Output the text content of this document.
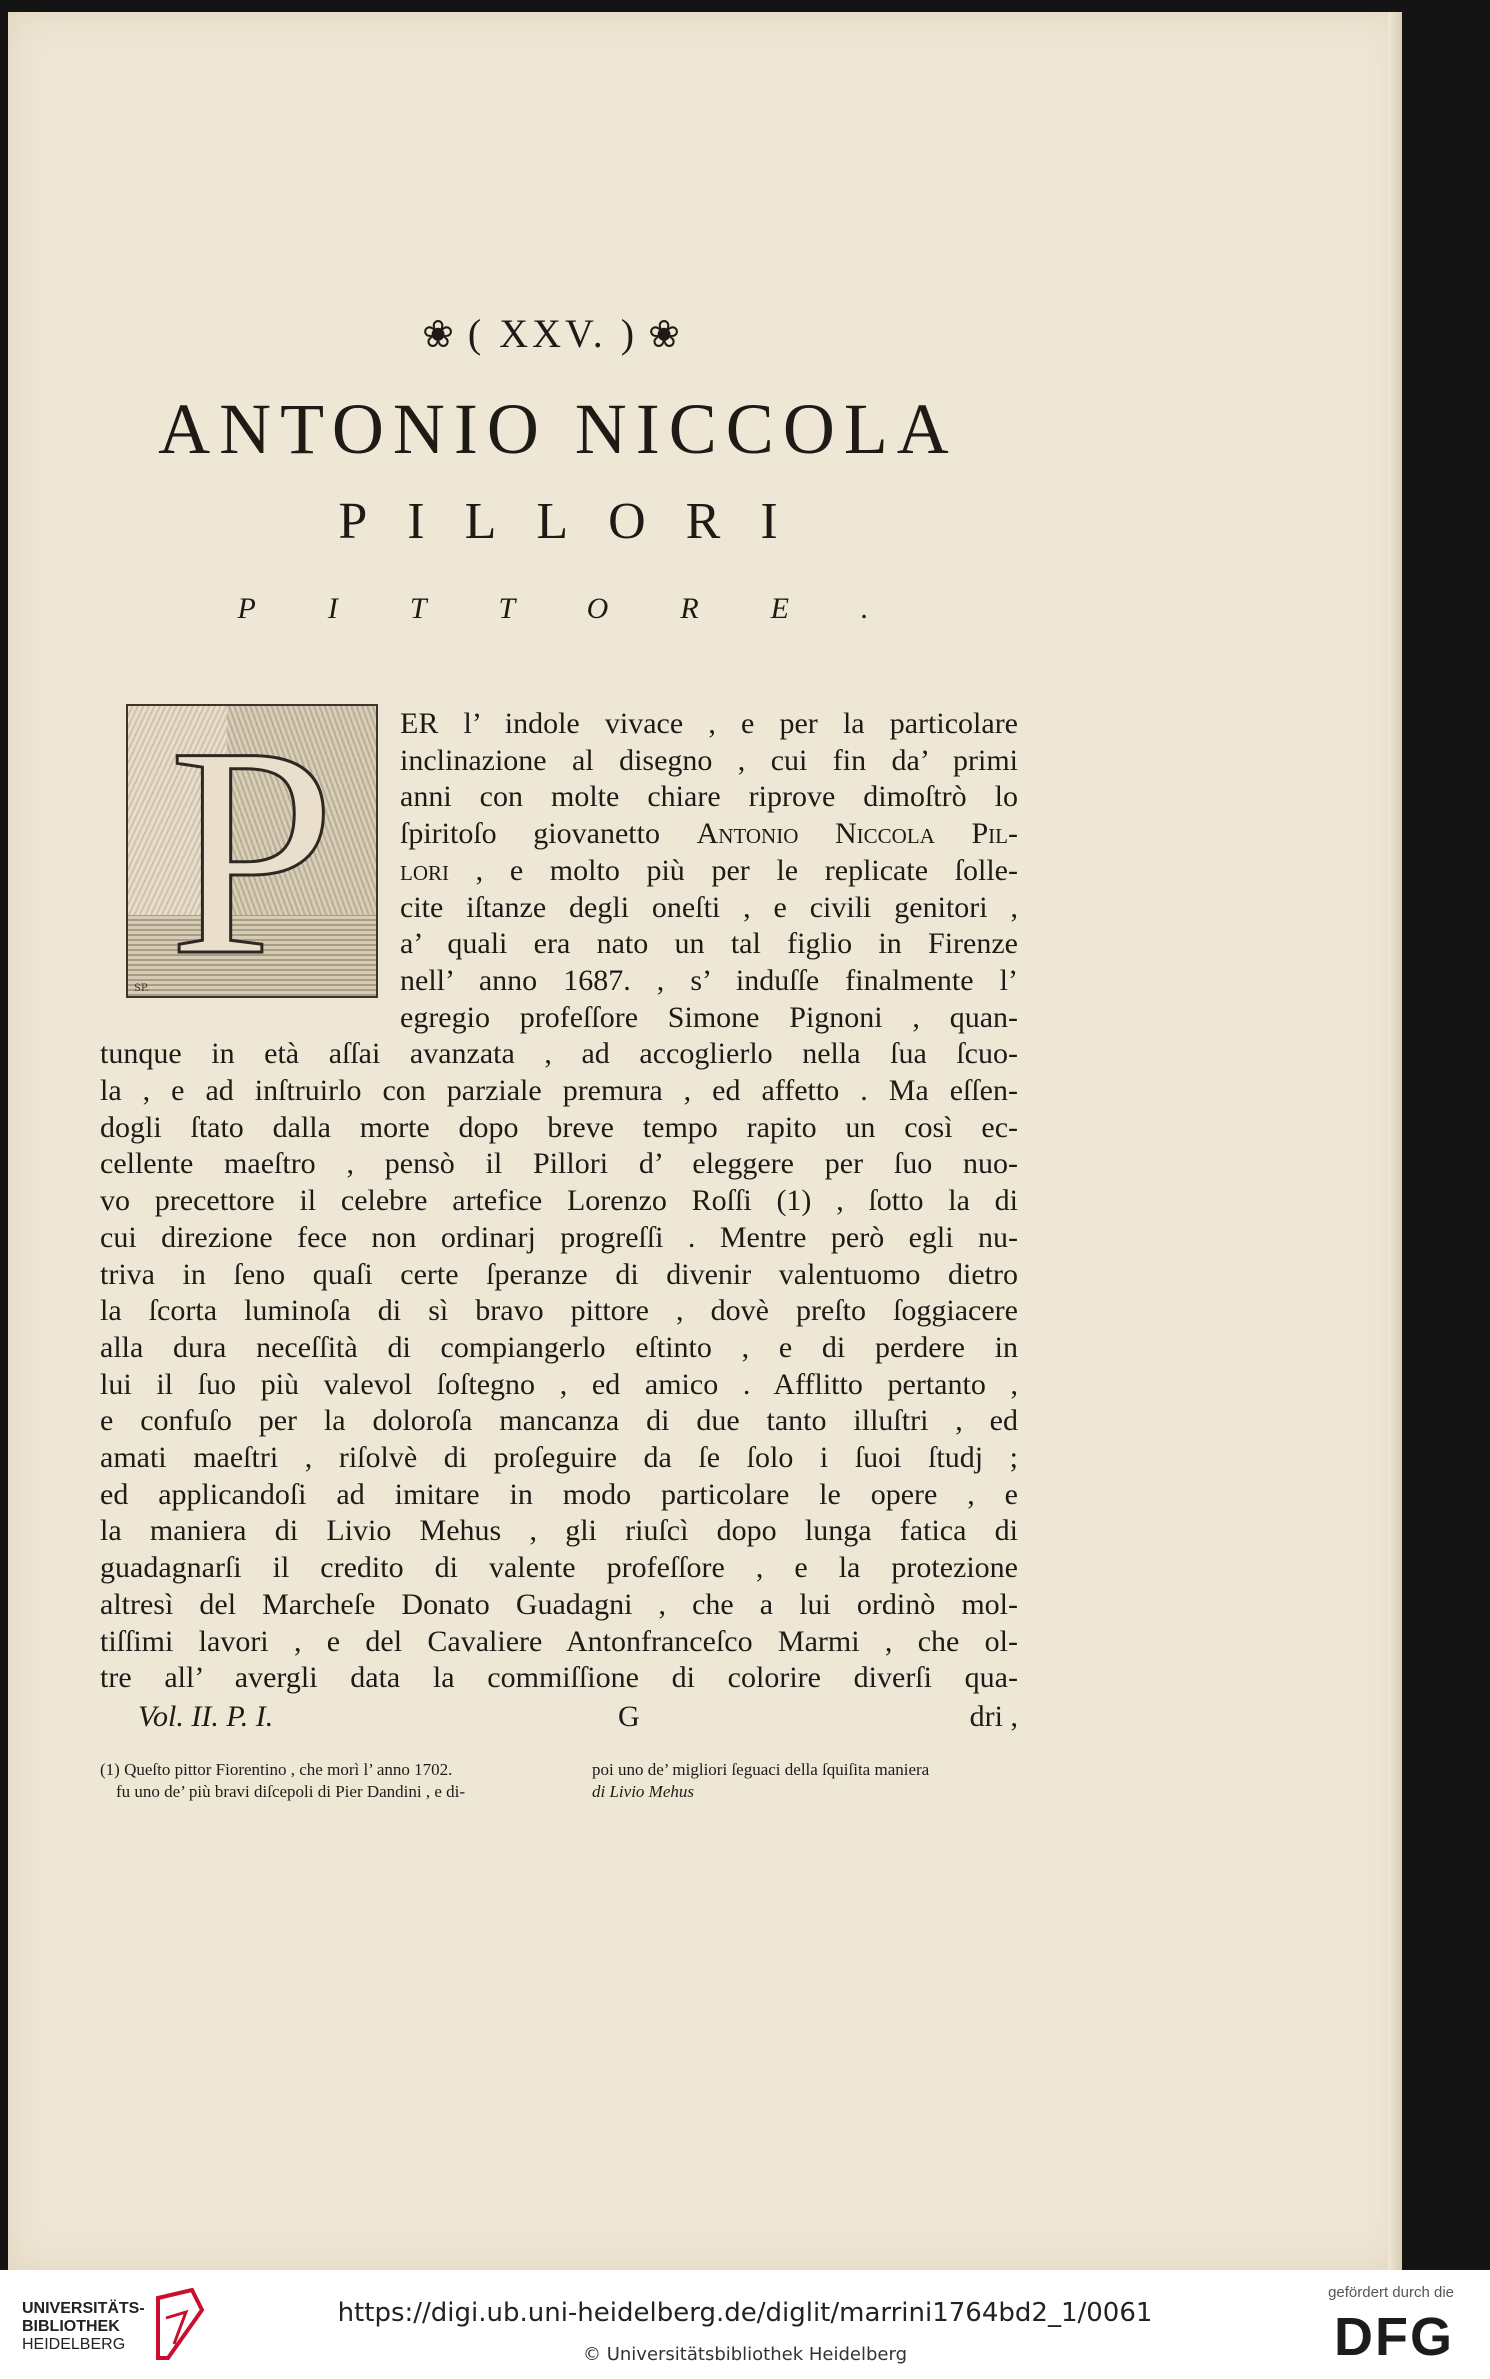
❀ ( XXV. ) ❀
ANTONIO NICCOLA
PILLORI
PITTORE.
P
SP.
ER l’ indole vivace , e per la particolare
inclinazione al disegno , cui fin da’ primi
anni con molte chiare riprove dimoſtrò lo
ſpiritoſo giovanetto Antonio Niccola Pil-
lori , e molto più per le replicate ſolle-
cite iſtanze degli oneſti , e civili genitori ,
a’ quali era nato un tal figlio in Firenze
nell’ anno 1687. , s’ induſſe finalmente l’
egregio profeſſore Simone Pignoni , quan-
tunque in età aſſai avanzata , ad accoglierlo nella ſua ſcuo-
la , e ad inſtruirlo con parziale premura , ed affetto . Ma eſſen-
dogli ſtato dalla morte dopo breve tempo rapito un così ec-
cellente maeſtro , pensò il Pillori d’ eleggere per ſuo nuo-
vo precettore il celebre artefice Lorenzo Roſſi (1) , ſotto la di
cui direzione fece non ordinarj progreſſi . Mentre però egli nu-
triva in ſeno quaſi certe ſperanze di divenir valentuomo dietro
la ſcorta luminoſa di sì bravo pittore , dovè preſto ſoggiacere
alla dura neceſſità di compiangerlo eſtinto , e di perdere in
lui il ſuo più valevol ſoſtegno , ed amico . Afflitto pertanto ,
e confuſo per la doloroſa mancanza di due tanto illuſtri , ed
amati maeſtri , riſolvè di proſeguire da ſe ſolo i ſuoi ſtudj ;
ed applicandoſi ad imitare in modo particolare le opere , e
la maniera di Livio Mehus , gli riuſcì dopo lunga fatica di
guadagnarſi il credito di valente profeſſore , e la protezione
altresì del Marcheſe Donato Guadagni , che a lui ordinò mol-
tiſſimi lavori , e del Cavaliere Antonfranceſco Marmi , che ol-
tre all’ avergli data la commiſſione di colorire diverſi qua-
Vol. II. P. I.	G	dri ,
(1) Queſto pittor Fiorentino , che morì l’ anno 1702.
fu uno de’ più bravi diſcepoli di Pier Dandini , e di-
poi uno de’ migliori ſeguaci della ſquiſita maniera
di Livio Mehus
UNIVERSITÄTS-
BIBLIOTHEK
HEIDELBERG
https://digi.ub.uni-heidelberg.de/diglit/marrini1764bd2_1/0061
© Universitätsbibliothek Heidelberg
gefördert durch die
DFG
